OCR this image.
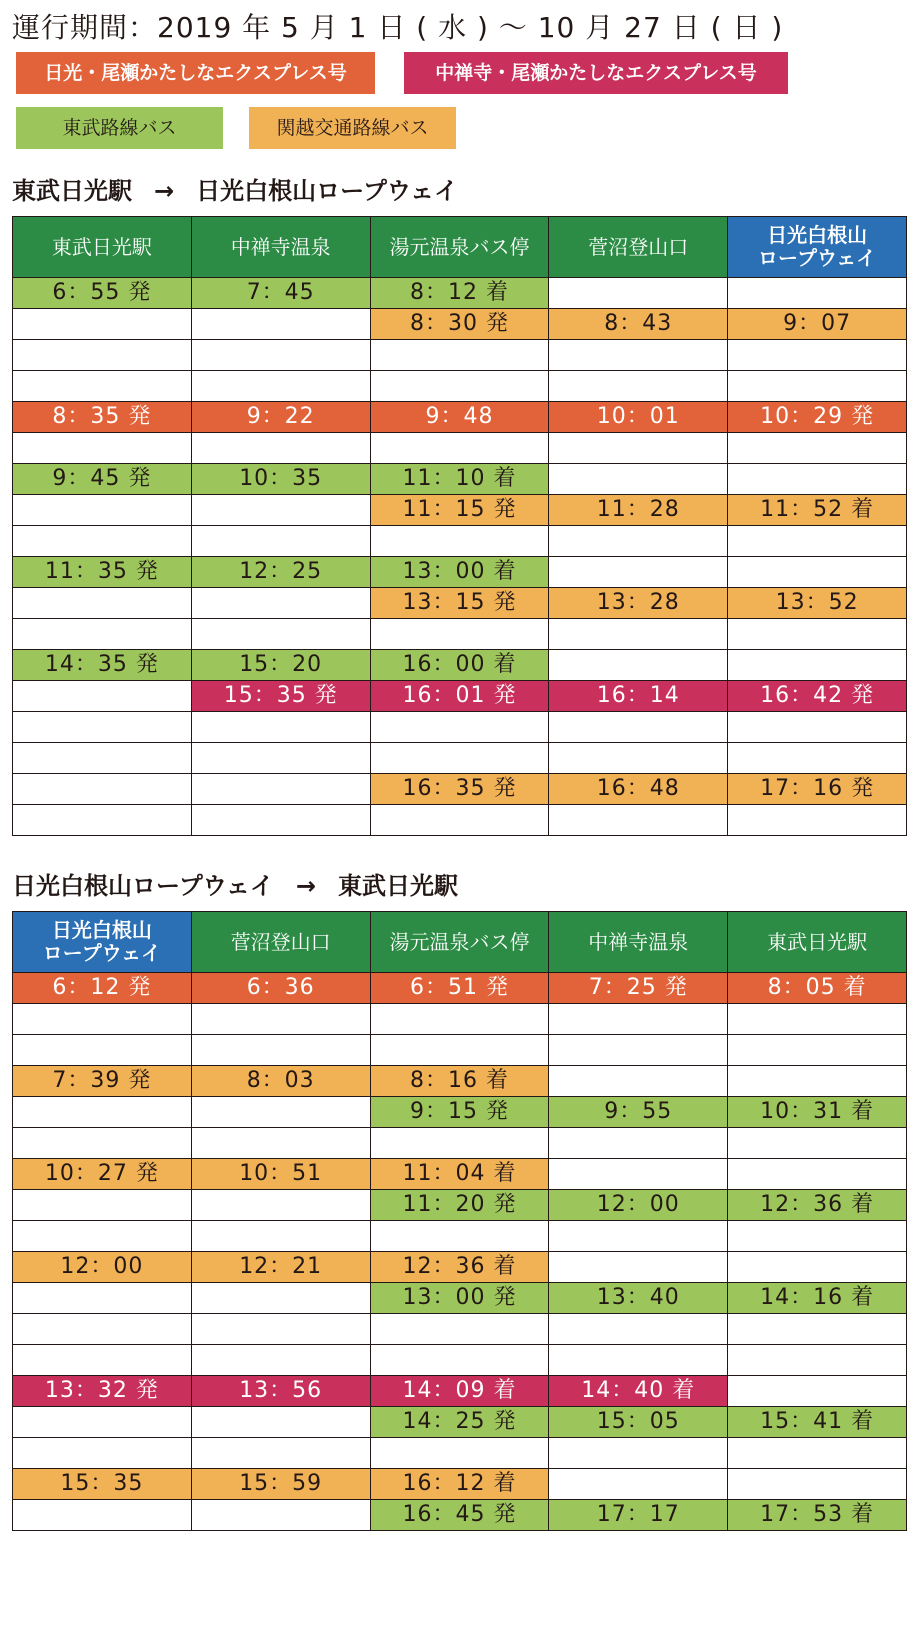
運行期間：2019 年 5 月 1 日 ( 水 ) 〜 10 月 27 日 ( 日 )
日光・尾瀬かたしなエクスプレス号	中禅寺・尾瀬かたしなエクスプレス号
東武路線バス	関越交通路線バス
東武日光駅 → 日光白根山ロープウェイ
東武日光駅	中禅寺温泉	湯元温泉バス停	菅沼登山口	日光白根山
ロープウェイ
6：55 発	7：45	8：12 着		
		8：30 発	8：43	9：07

8：35 発	9：22	9：48	10：01	10：29 発

9：45 発	10：35	11：10 着		
		11：15 発	11：28	11：52 着

11：35 発	12：25	13：00 着		
		13：15 発	13：28	13：52

14：35 発	15：20	16：00 着		
	15：35 発	16：01 発	16：14	16：42 発

		16：35 発	16：48	17：16 発

日光白根山ロープウェイ → 東武日光駅
日光白根山
ロープウェイ	菅沼登山口	湯元温泉バス停	中禅寺温泉	東武日光駅
6：12 発	6：36	6：51 発	7：25 発	8：05 着

7：39 発	8：03	8：16 着		
		9：15 発	9：55	10：31 着

10：27 発	10：51	11：04 着		
		11：20 発	12：00	12：36 着

12：00	12：21	12：36 着		
		13：00 発	13：40	14：16 着

13：32 発	13：56	14：09 着	14：40 着	
		14：25 発	15：05	15：41 着

15：35	15：59	16：12 着		
		16：45 発	17：17	17：53 着
